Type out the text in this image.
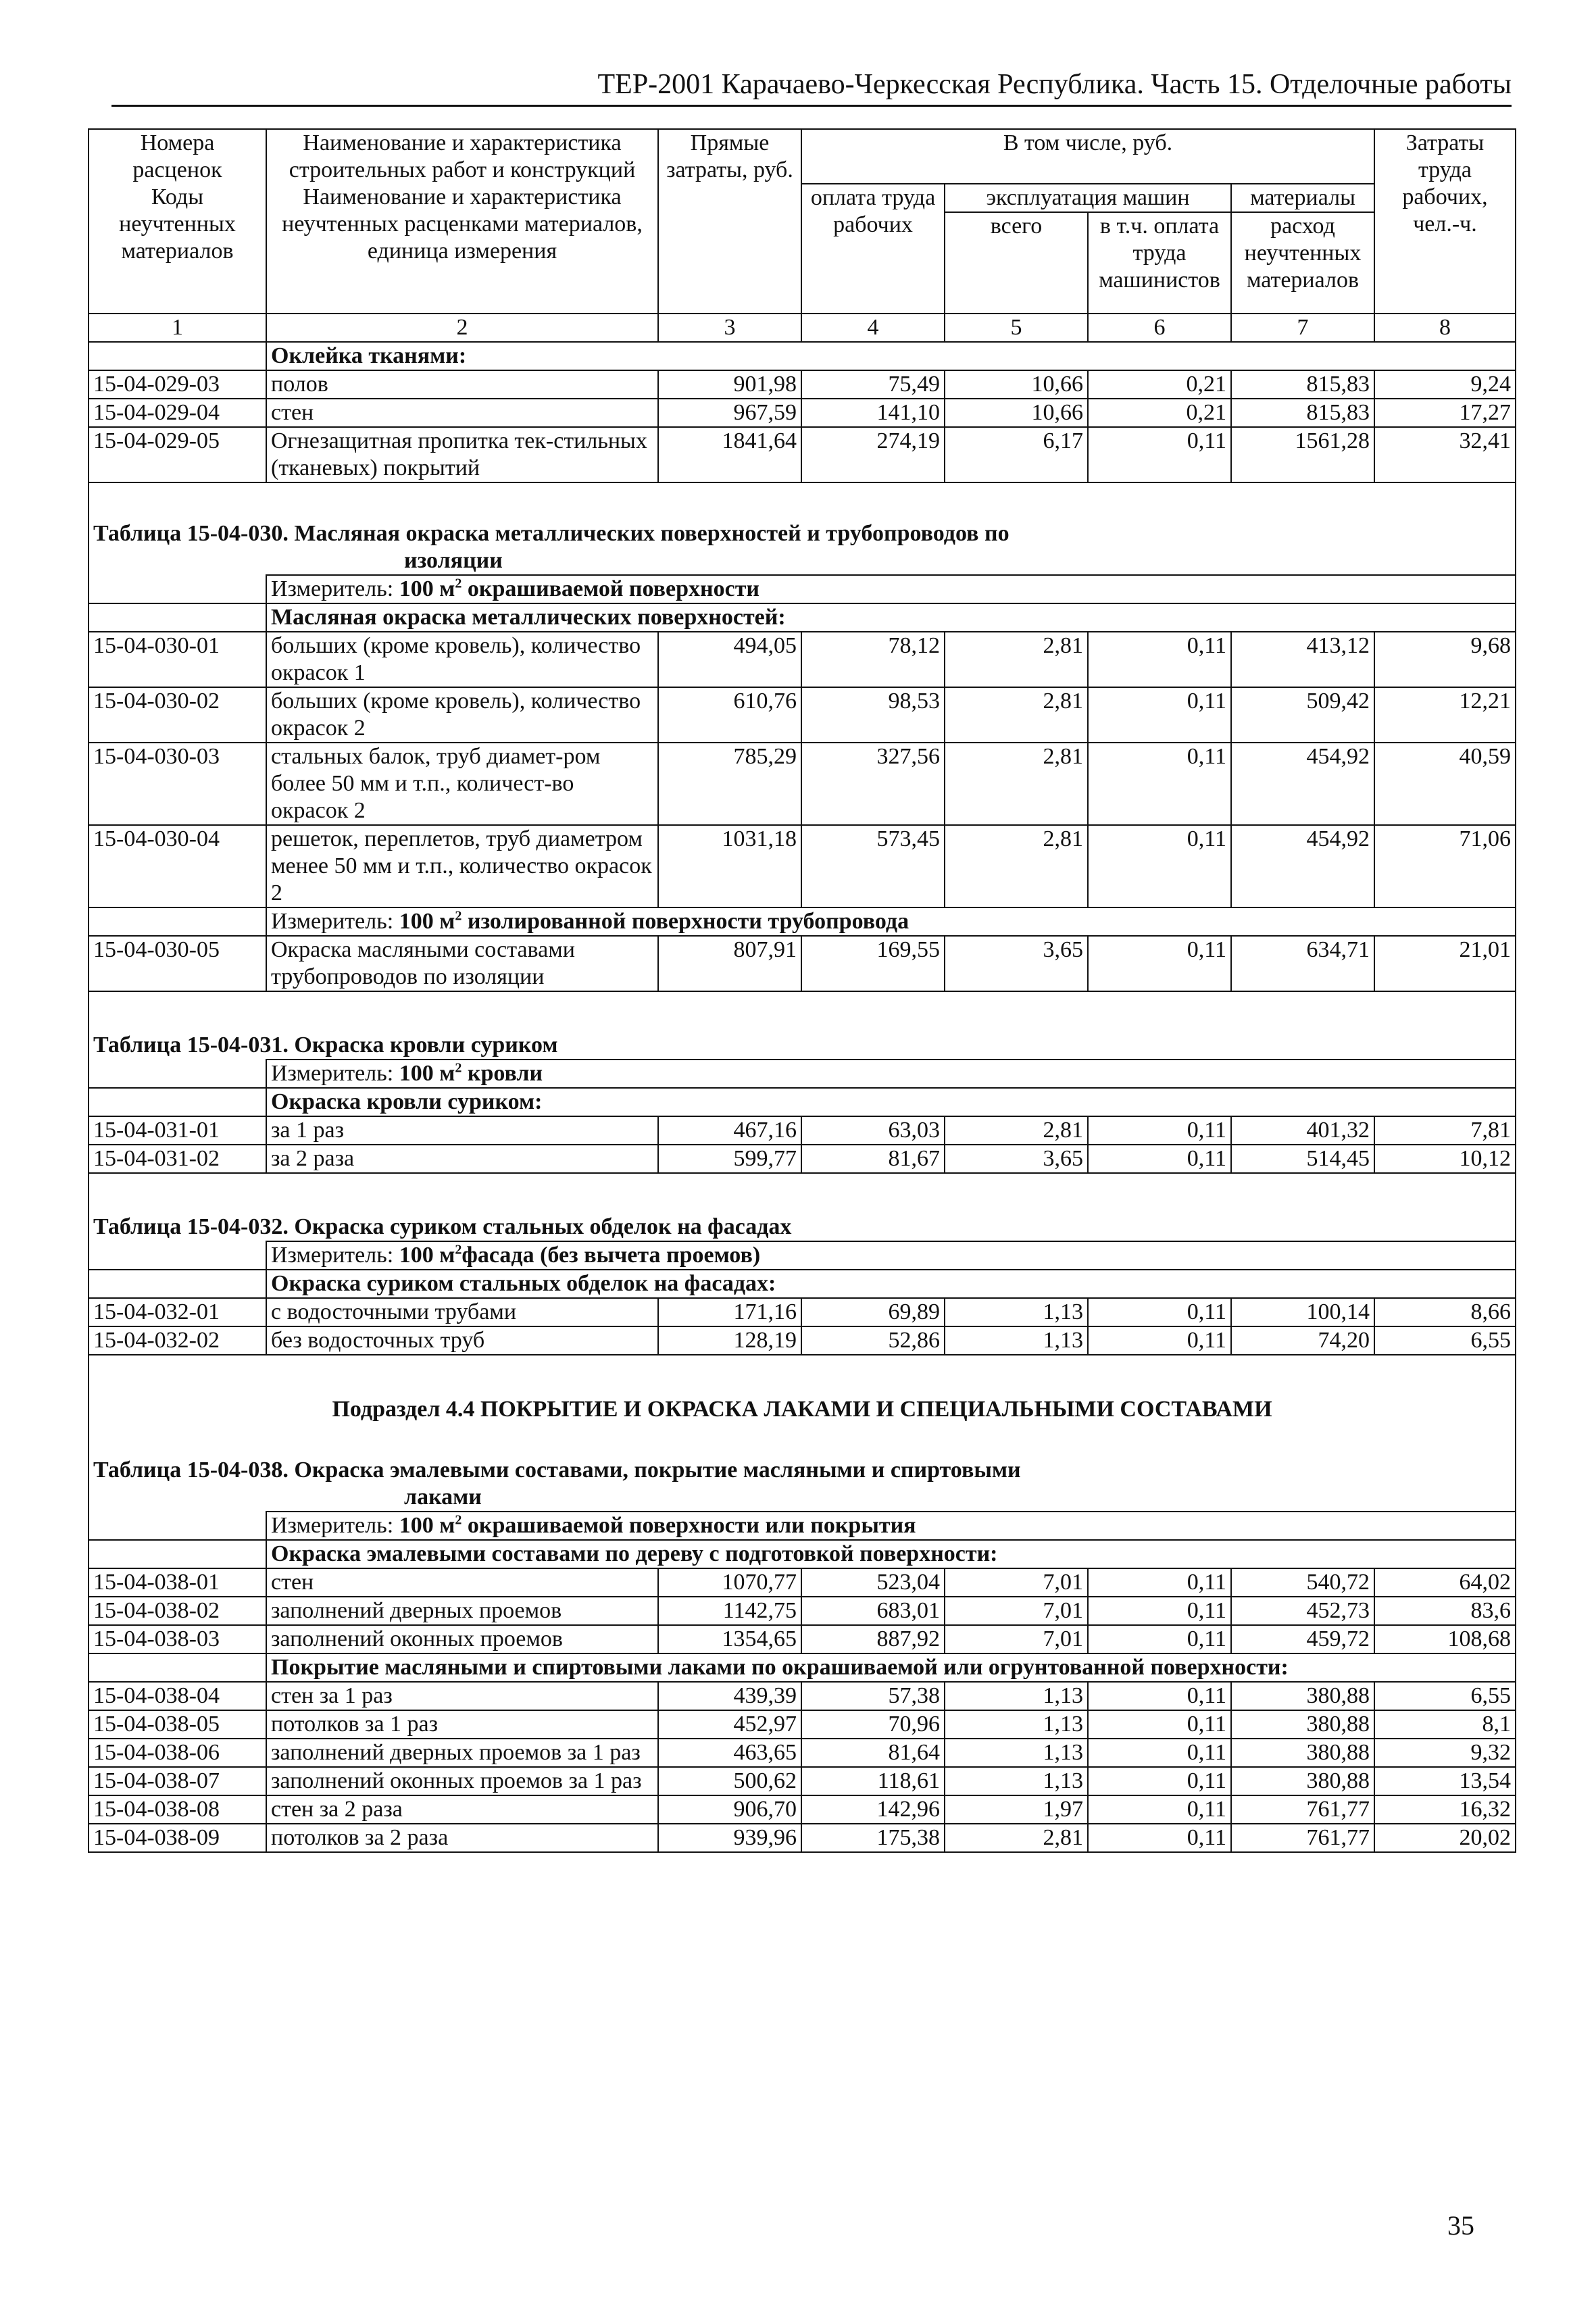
ТЕР-2001 Карачаево-Черкесская Республика. Часть 15. Отделочные работы
Номера расценок	Наименование и характеристика строительных работ и конструкций	Прямые затраты, руб.	В том числе, руб.				Затраты труда рабочих, чел.-ч.
Коды неучтенных материалов	Наименование и характеристика неучтенных расценками материалов, единица измерения		оплата труда рабочих	эксплуатация машин		материалы	
				всего	в т.ч. оплата труда машинистов	расход неучтенных материалов	
1	2	3	4	5	6	7	8
	Оклейка тканями:						
15-04-029-03	полов	901,98	75,49	10,66	0,21	815,83	9,24
15-04-029-04	стен	967,59	141,10	10,66	0,21	815,83	17,27
15-04-029-05	Огнезащитная пропитка тек-стильных (тканевых) покрытий	1841,64	274,19	6,17	0,11	1561,28	32,41

Таблица 15-04-030. Масляная окраска металлических поверхностей и трубопроводов по
изоляции							

	Измеритель: 100 $м^2$ окрашиваемой поверхности						
	Масляная окраска металлических поверхностей:						
15-04-030-01	больших (кроме кровель), количество окрасок 1	494,05	78,12	2,81	0,11	413,12	9,68
15-04-030-02	больших (кроме кровель), количество окрасок 2	610,76	98,53	2,81	0,11	509,42	12,21
15-04-030-03	стальных балок, труб диамет-ром более 50 мм и т.п., количест-во окрасок 2	785,29	327,56	2,81	0,11	454,92	40,59
15-04-030-04	решеток, переплетов, труб диаметром менее 50 мм и т.п., количество окрасок 2	1031,18	573,45	2,81	0,11	454,92	71,06
	Измеритель: 100 $м^2$ изолированной поверхности трубопровода						
15-04-030-05	Окраска масляными составами трубопроводов по изоляции	807,91	169,55	3,65	0,11	634,71	21,01

Таблица 15-04-031. Окраска кровли суриком							
	Измеритель: 100 $м^2$ кровли						
	Окраска кровли суриком:						
15-04-031-01	за 1 раз	467,16	63,03	2,81	0,11	401,32	7,81
15-04-031-02	за 2 раза	599,77	81,67	3,65	0,11	514,45	10,12

Таблица 15-04-032. Окраска суриком стальных обделок на фасадах							
	Измеритель: 100 $м^2фасада$ (без вычета проемов)						
	Окраска суриком стальных обделок на фасадах:						
15-04-032-01	с водосточными трубами	171,16	69,89	1,13	0,11	100,14	8,66
15-04-032-02	без водосточных труб	128,19	52,86	1,13	0,11	74,20	6,55
Подраздел 4.4 ПОКРЫТИЕ И ОКРАСКА ЛАКАМИ И СПЕЦИАЛЬНЫМИ СОСТАВАМИ							
Таблица 15-04-038. Окраска эмалевыми составами, покрытие масляными и спиртовыми
лаками							

	Измеритель: 100 $м^2$ окрашиваемой поверхности или покрытия						
	Окраска эмалевыми составами по дереву с подготовкой поверхности:						
15-04-038-01	стен	1070,77	523,04	7,01	0,11	540,72	64,02
15-04-038-02	заполнений дверных проемов	1142,75	683,01	7,01	0,11	452,73	83,6
15-04-038-03	заполнений оконных проемов	1354,65	887,92	7,01	0,11	459,72	108,68
	Покрытие масляными и спиртовыми лаками по окрашиваемой или огрунтованной поверхности:						
15-04-038-04	стен за 1 раз	439,39	57,38	1,13	0,11	380,88	6,55
15-04-038-05	потолков за 1 раз	452,97	70,96	1,13	0,11	380,88	8,1
15-04-038-06	заполнений дверных проемов за 1 раз	463,65	81,64	1,13	0,11	380,88	9,32
15-04-038-07	заполнений оконных проемов за 1 раз	500,62	118,61	1,13	0,11	380,88	13,54
15-04-038-08	стен за 2 раза	906,70	142,96	1,97	0,11	761,77	16,32
15-04-038-09	потолков за 2 раза	939,96	175,38	2,81	0,11	761,77	20,02
35
